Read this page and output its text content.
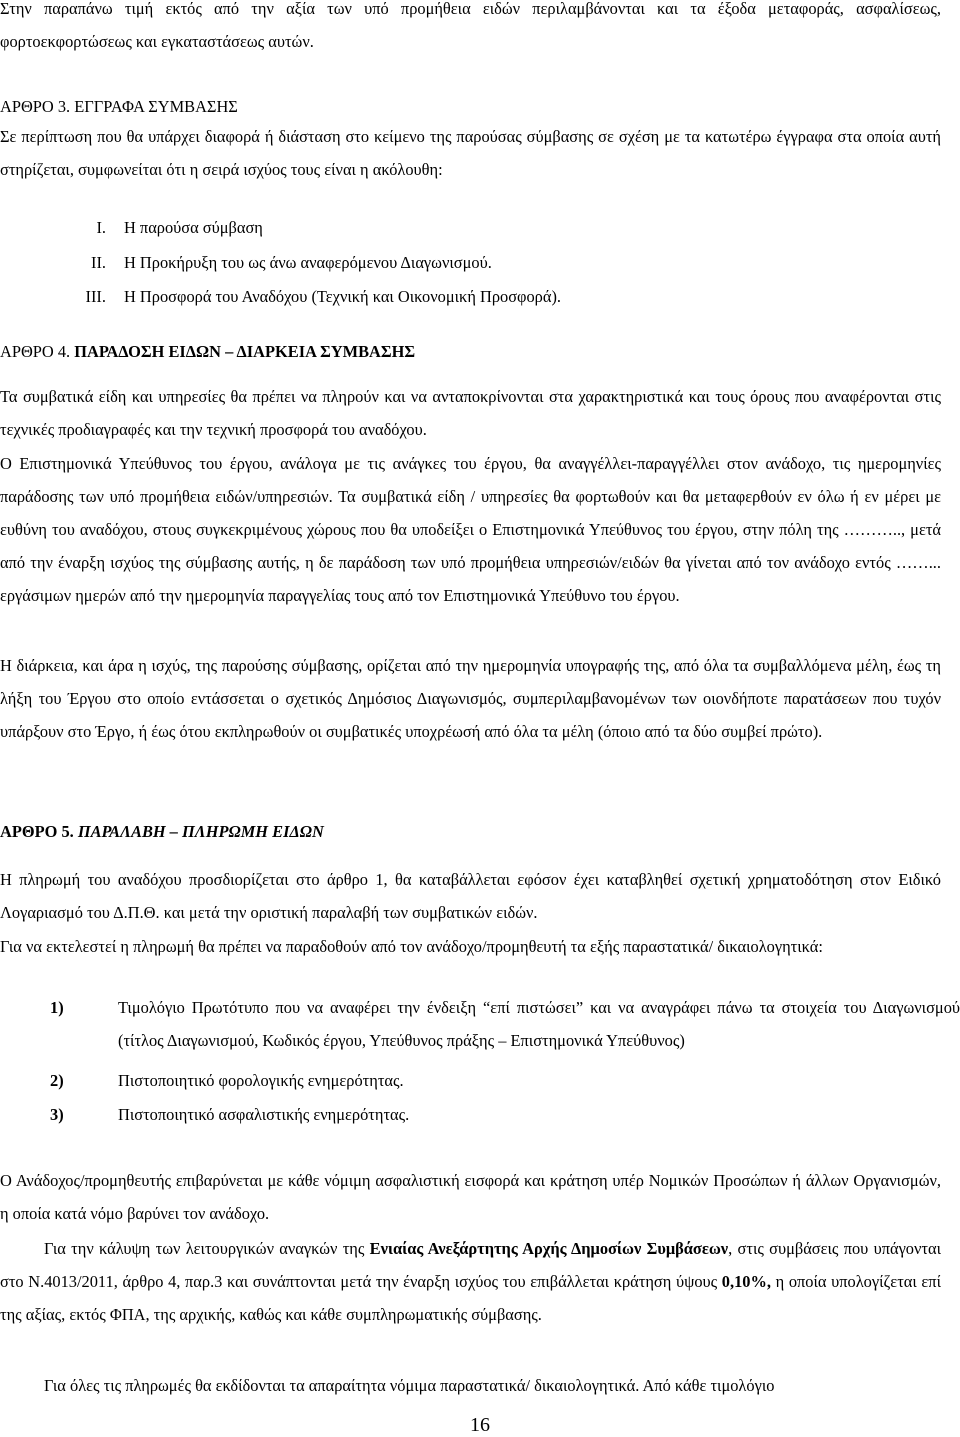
Στην παραπάνω τιμή εκτός από την αξία των υπό προμήθεια ειδών περιλαμβάνονται και τα έξοδα μεταφοράς, ασφαλίσεως, φορτοεκφορτώσεως και εγκαταστάσεως αυτών.
ΑΡΘΡΟ 3. ΕΓΓΡΑΦΑ ΣΥΜΒΑΣΗΣ
Σε περίπτωση που θα υπάρχει διαφορά ή διάσταση στο κείμενο της παρούσας σύμβασης σε σχέση με τα κατωτέρω έγγραφα στα οποία αυτή στηρίζεται, συμφωνείται ότι η σειρά ισχύος τους είναι η ακόλουθη:
I. Η παρούσα σύμβαση
II. Η Προκήρυξη του ως άνω αναφερόμενου Διαγωνισμού.
III. Η Προσφορά του Αναδόχου (Τεχνική και Οικονομική Προσφορά).
ΑΡΘΡΟ 4. ΠΑΡΑΔΟΣΗ ΕΙΔΩΝ – ΔΙΑΡΚΕΙΑ ΣΥΜΒΑΣΗΣ
Τα συμβατικά είδη και υπηρεσίες θα πρέπει να πληρούν και να ανταποκρίνονται στα χαρακτηριστικά και τους όρους που αναφέρονται στις τεχνικές προδιαγραφές και την τεχνική προσφορά του αναδόχου.
Ο Επιστημονικά Υπεύθυνος του έργου, ανάλογα με τις ανάγκες του έργου, θα αναγγέλλει-παραγγέλλει στον ανάδοχο, τις ημερομηνίες παράδοσης των υπό προμήθεια ειδών/υπηρεσιών. Τα συμβατικά είδη / υπηρεσίες θα φορτωθούν και θα μεταφερθούν εν όλω ή εν μέρει με ευθύνη του αναδόχου, στους συγκεκριμένους χώρους που θα υποδείξει ο Επιστημονικά Υπεύθυνος του έργου, στην πόλη της ……….., μετά από την έναρξη ισχύος της σύμβασης αυτής, η δε παράδοση των υπό προμήθεια υπηρεσιών/ειδών θα γίνεται από τον ανάδοχο εντός ……... εργάσιμων ημερών από την ημερομηνία παραγγελίας τους από τον Επιστημονικά Υπεύθυνο του έργου.
Η διάρκεια, και άρα η ισχύς, της παρούσης σύμβασης, ορίζεται από την ημερομηνία υπογραφής της, από όλα τα συμβαλλόμενα μέλη, έως τη λήξη του Έργου στο οποίο εντάσσεται ο σχετικός Δημόσιος Διαγωνισμός, συμπεριλαμβανομένων των οιονδήποτε παρατάσεων που τυχόν υπάρξουν στο Έργο, ή έως ότου εκπληρωθούν οι συμβατικές υποχρέωσή από όλα τα μέλη (όποιο από τα δύο συμβεί πρώτο).
ΑΡΘΡΟ 5. ΠΑΡΑΛΑΒΗ – ΠΛΗΡΩΜΗ ΕΙΔΩΝ
Η πληρωμή του αναδόχου προσδιορίζεται στο άρθρο 1, θα καταβάλλεται εφόσον έχει καταβληθεί σχετική χρηματοδότηση στον Ειδικό Λογαριασμό του Δ.Π.Θ. και μετά την οριστική παραλαβή των συμβατικών ειδών.
Για να εκτελεστεί η πληρωμή θα πρέπει να παραδοθούν από τον ανάδοχο/προμηθευτή τα εξής παραστατικά/ δικαιολογητικά:
1)	Τιμολόγιο Πρωτότυπο που να αναφέρει την ένδειξη “επί πιστώσει” και να αναγράφει πάνω τα στοιχεία του Διαγωνισμού (τίτλος Διαγωνισμού, Κωδικός έργου, Υπεύθυνος πράξης – Επιστημονικά Υπεύθυνος)
2)	Πιστοποιητικό φορολογικής ενημερότητας.
3)	Πιστοποιητικό ασφαλιστικής ενημερότητας.
Ο Ανάδοχος/προμηθευτής επιβαρύνεται με κάθε νόμιμη ασφαλιστική εισφορά και κράτηση υπέρ Νομικών Προσώπων ή άλλων Οργανισμών, η οποία κατά νόμο βαρύνει τον ανάδοχο.
Για την κάλυψη των λειτουργικών αναγκών της Ενιαίας Ανεξάρτητης Αρχής Δημοσίων Συμβάσεων, στις συμβάσεις που υπάγονται στο Ν.4013/2011, άρθρο 4, παρ.3 και συνάπτονται μετά την έναρξη ισχύος του επιβάλλεται κράτηση ύψους 0,10%, η οποία υπολογίζεται επί της αξίας, εκτός ΦΠΑ, της αρχικής, καθώς και κάθε συμπληρωματικής σύμβασης.
Για όλες τις πληρωμές θα εκδίδονται τα απαραίτητα νόμιμα παραστατικά/ δικαιολογητικά. Από κάθε τιμολόγιο
16
